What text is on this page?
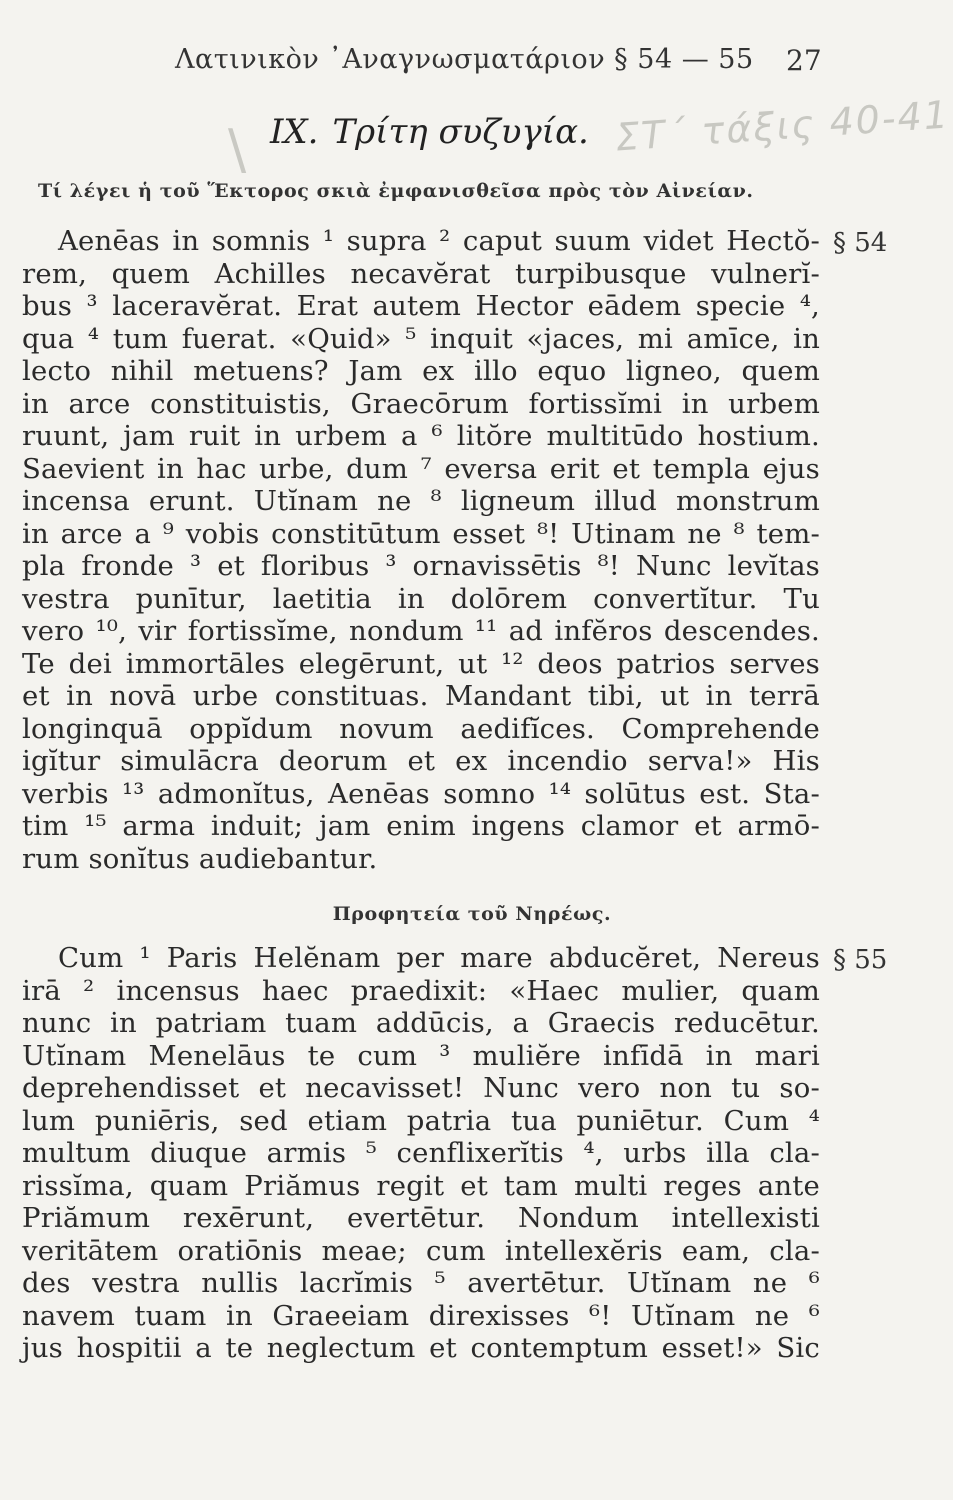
Λατινικὸν ᾿Αναγνωσματάριον § 54 — 55 27
\ IX. Τρίτη συζυγία. ΣΤ΄ τάξις 40-41
Τί λέγει ἡ τοῦ Ἕκτορος σκιὰ ἐμφανισθεῖσα πρὸς τὸν Αἰνείαν.
§ 54
Aenēas in somnis ¹ supra ² caput suum videt Hectŏ-
rem, quem Achilles necavĕrat turpibusque vulnerĭ-
bus ³ laceravĕrat. Erat autem Hector eādem specie ⁴,
qua ⁴ tum fuerat. «Quid» ⁵ inquit «jaces, mi amīce, in
lecto nihil metuens? Jam ex illo equo ligneo, quem
in arce constituistis, Graecōrum fortissĭmi in urbem
ruunt, jam ruit in urbem a ⁶ litŏre multitūdo hostium.
Saevient in hac urbe, dum ⁷ eversa erit et templa ejus
incensa erunt. Utĭnam ne ⁸ ligneum illud monstrum
in arce a ⁹ vobis constitūtum esset ⁸! Utinam ne ⁸ tem-
pla fronde ³ et floribus ³ ornavissētis ⁸! Nunc levĭtas
vestra punītur, laetitia in dolōrem convertĭtur. Tu
vero ¹⁰, vir fortissĭme, nondum ¹¹ ad infĕros descendes.
Te dei immortāles elegērunt, ut ¹² deos patrios serves
et in novā urbe constituas. Mandant tibi, ut in terrā
longinquā oppĭdum novum aedifĭces. Comprehende
igĭtur simulācra deorum et ex incendio serva!» His
verbis ¹³ admonĭtus, Aenēas somno ¹⁴ solūtus est. Sta-
tim ¹⁵ arma induit; jam enim ingens clamor et armō-
rum sonĭtus audiebantur.
Προφητεία τοῦ Νηρέως.
§ 55
Cum ¹ Paris Helĕnam per mare abducĕret, Nereus
irā ² incensus haec praedixit: «Haec mulier, quam
nunc in patriam tuam addūcis, a Graecis reducētur.
Utĭnam Menelāus te cum ³ muliĕre infīdā in mari
deprehendisset et necavisset! Nunc vero non tu so-
lum puniēris, sed etiam patria tua puniētur. Cum ⁴
multum diuque armis ⁵ cenflixerĭtis ⁴, urbs illa cla-
rissĭma, quam Priămus regit et tam multi reges ante
Priămum rexērunt, evertētur. Nondum intellexisti
veritātem oratiōnis meae; cum intellexĕris eam, cla-
des vestra nullis lacrĭmis ⁵ avertētur. Utĭnam ne ⁶
navem tuam in Graeeiam direxisses ⁶! Utĭnam ne ⁶
jus hospitii a te neglectum et contemptum esset!» Sic
